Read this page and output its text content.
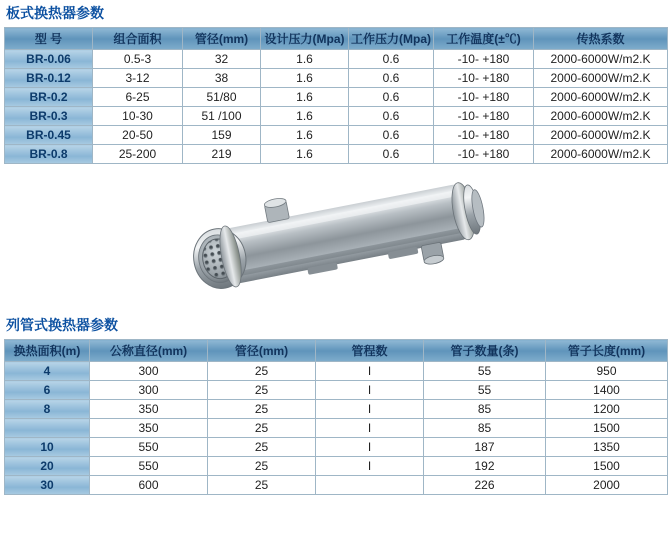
板式换热器参数
型 号	组合面积	管径(mm)	设计压力(Mpa)	工作压力(Mpa)	工作温度(±℃)	传热系数
BR-0.06	0.5-3	32	1.6	0.6	-10- +180	2000-6000W/m2.K
BR-0.12	3-12	38	1.6	0.6	-10- +180	2000-6000W/m2.K
BR-0.2	6-25	51/80	1.6	0.6	-10- +180	2000-6000W/m2.K
BR-0.3	10-30	51 /100	1.6	0.6	-10- +180	2000-6000W/m2.K
BR-0.45	20-50	159	1.6	0.6	-10- +180	2000-6000W/m2.K
BR-0.8	25-200	219	1.6	0.6	-10- +180	2000-6000W/m2.K
列管式换热器参数
换热面积(m)	公称直径(mm)	管径(mm)	管程数	管子数量(条)	管子长度(mm)
4	300	25	I	55	950
6	300	25	I	55	1400
8	350	25	I	85	1200
	350	25	I	85	1500
10	550	25	I	187	1350
20	550	25	I	192	1500
30	600	25		226	2000
